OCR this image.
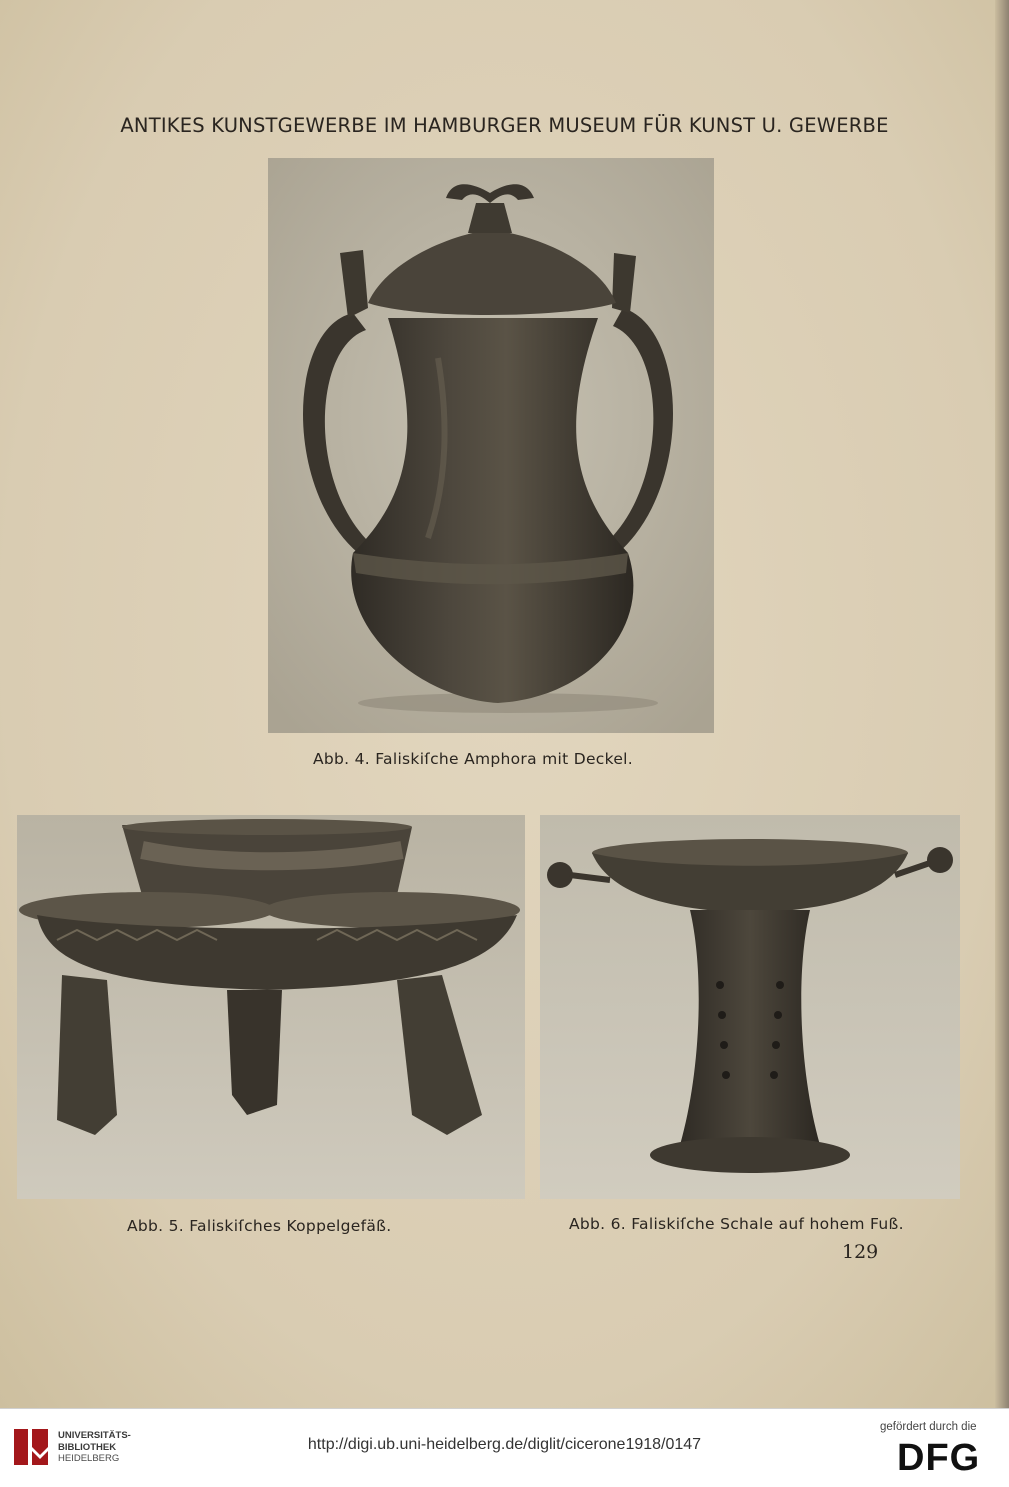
ANTIKES KUNSTGEWERBE IM HAMBURGER MUSEUM FÜR KUNST U. GEWERBE
Abb. 4. Faliskiſche Amphora mit Deckel.
Abb. 5. Faliskiſches Koppelgefäß.	Abb. 6. Faliskiſche Schale auf hohem Fuß.
129
UNIVERSITÄTS-
BIBLIOTHEK
HEIDELBERG
http://digi.ub.uni-heidelberg.de/diglit/cicerone1918/0147
gefördert durch die
DFG
